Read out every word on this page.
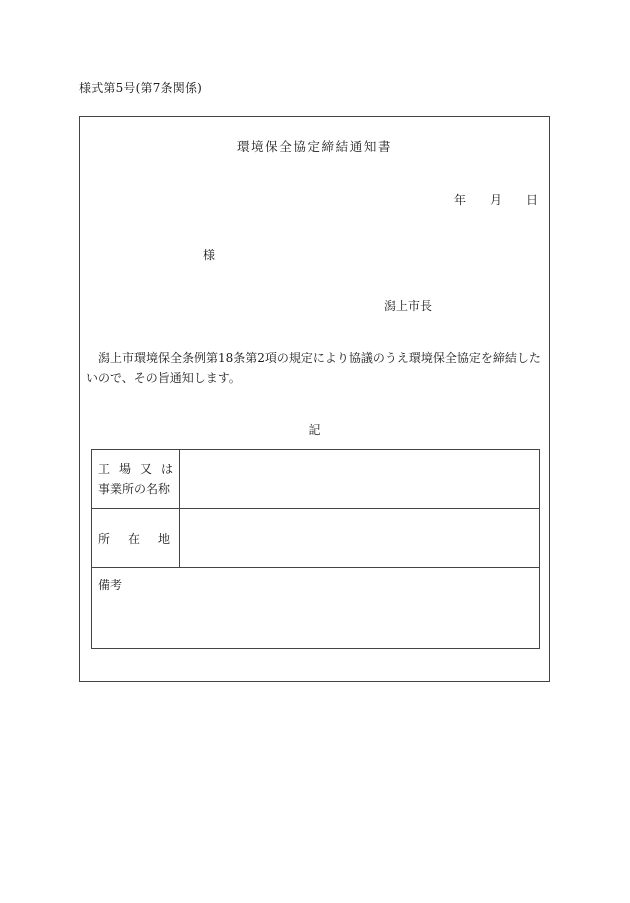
様式第5号(第7条関係)
環境保全協定締結通知書
年 月 日
様
潟上市長
潟上市環境保全条例第18条第2項の規定により協議のうえ環境保全協定を締結したいので、その旨通知します。
記
工場又は
事業所の名称	

所在地	

備考	
